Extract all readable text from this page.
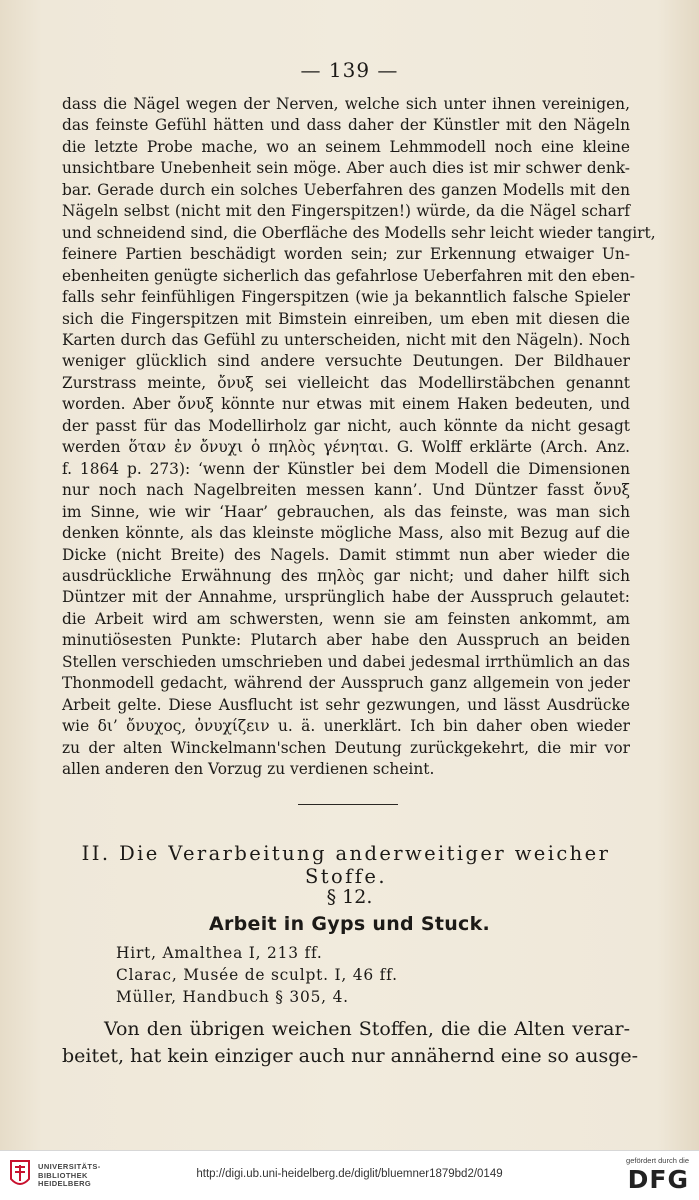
— 139 —
dass die Nägel wegen der Nerven, welche sich unter ihnen vereinigen,
das feinste Gefühl hätten und dass daher der Künstler mit den Nägeln
die letzte Probe mache, wo an seinem Lehmmodell noch eine kleine
unsichtbare Unebenheit sein möge. Aber auch dies ist mir schwer denk-
bar. Gerade durch ein solches Ueberfahren des ganzen Modells mit den
Nägeln selbst (nicht mit den Fingerspitzen!) würde, da die Nägel scharf
und schneidend sind, die Oberfläche des Modells sehr leicht wieder tangirt,
feinere Partien beschädigt worden sein; zur Erkennung etwaiger Un-
ebenheiten genügte sicherlich das gefahrlose Ueberfahren mit den eben-
falls sehr feinfühligen Fingerspitzen (wie ja bekanntlich falsche Spieler
sich die Fingerspitzen mit Bimstein einreiben, um eben mit diesen die
Karten durch das Gefühl zu unterscheiden, nicht mit den Nägeln). Noch
weniger glücklich sind andere versuchte Deutungen. Der Bildhauer
Zurstrass meinte, ὄνυξ sei vielleicht das Modellirstäbchen genannt
worden. Aber ὄνυξ könnte nur etwas mit einem Haken bedeuten, und
der passt für das Modellirholz gar nicht, auch könnte da nicht gesagt
werden ὅταν ἐν ὄνυχι ὁ πηλὸς γένηται. G. Wolff erklärte (Arch. Anz.
f. 1864 p. 273): ‘wenn der Künstler bei dem Modell die Dimensionen
nur noch nach Nagelbreiten messen kann’. Und Düntzer fasst ὄνυξ
im Sinne, wie wir ‘Haar’ gebrauchen, als das feinste, was man sich
denken könnte, als das kleinste mögliche Mass, also mit Bezug auf die
Dicke (nicht Breite) des Nagels. Damit stimmt nun aber wieder die
ausdrückliche Erwähnung des πηλὸς gar nicht; und daher hilft sich
Düntzer mit der Annahme, ursprünglich habe der Ausspruch gelautet:
die Arbeit wird am schwersten, wenn sie am feinsten ankommt, am
minutiösesten Punkte: Plutarch aber habe den Ausspruch an beiden
Stellen verschieden umschrieben und dabei jedesmal irrthümlich an das
Thonmodell gedacht, während der Ausspruch ganz allgemein von jeder
Arbeit gelte. Diese Ausflucht ist sehr gezwungen, und lässt Ausdrücke
wie δι’ ὄνυχος, ὀνυχίζειν u. ä. unerklärt. Ich bin daher oben wieder
zu der alten Winckelmann'schen Deutung zurückgekehrt, die mir vor
allen anderen den Vorzug zu verdienen scheint.
II. Die Verarbeitung anderweitiger weicher Stoffe.
§ 12.
Arbeit in Gyps und Stuck.
Hirt, Amalthea I, 213 ff.
Clarac, Musée de sculpt. I, 46 ff.
Müller, Handbuch § 305, 4.
Von den übrigen weichen Stoffen, die die Alten verar-
beitet, hat kein einziger auch nur annähernd eine so ausge-
UNIVERSITÄTS-
BIBLIOTHEK
HEIDELBERG
http://digi.ub.uni-heidelberg.de/diglit/bluemner1879bd2/0149
gefördert durch die
DFG
